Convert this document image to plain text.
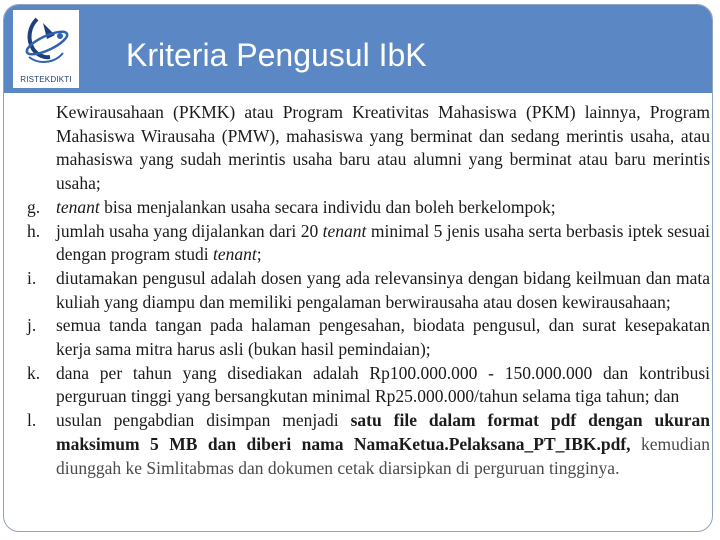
RISTEKDIKTI
Kriteria Pengusul IbK
Kewirausahaan (PKMK) atau Program Kreativitas Mahasiswa (PKM) lainnya, Program Mahasiswa Wirausaha (PMW), mahasiswa yang berminat dan sedang merintis usaha, atau mahasiswa yang sudah merintis usaha baru atau alumni yang berminat atau baru merintis usaha;
g. tenant bisa menjalankan usaha secara individu dan boleh berkelompok;
h. jumlah usaha yang dijalankan dari 20 tenant minimal 5 jenis usaha serta berbasis iptek sesuai dengan program studi tenant;
i. diutamakan pengusul adalah dosen yang ada relevansinya dengan bidang keilmuan dan mata kuliah yang diampu dan memiliki pengalaman berwirausaha atau dosen kewirausahaan;
j. semua tanda tangan pada halaman pengesahan, biodata pengusul, dan surat kesepakatan kerja sama mitra harus asli (bukan hasil pemindaian);
k. dana per tahun yang disediakan adalah Rp100.000.000 - 150.000.000 dan kontribusi perguruan tinggi yang bersangkutan minimal Rp25.000.000/tahun selama tiga tahun; dan
l. usulan pengabdian disimpan menjadi satu file dalam format pdf dengan ukuran maksimum 5 MB dan diberi nama NamaKetua.Pelaksana_PT_IBK.pdf, kemudian diunggah ke Simlitabmas dan dokumen cetak diarsipkan di perguruan tingginya.
